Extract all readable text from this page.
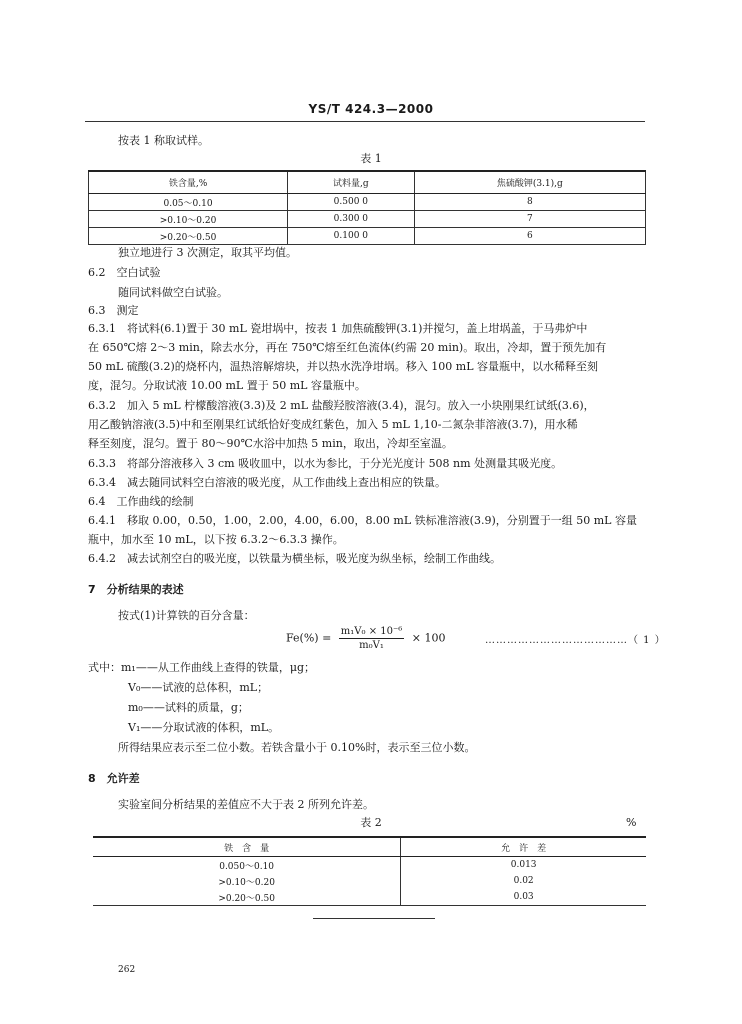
YS/T 424.3—2000
按表 1 称取试样。
表 1
铁含量,%	试料量,g	焦硫酸钾(3.1),g
0.05～0.10	0.500 0	8
>0.10～0.20	0.300 0	7
>0.20～0.50	0.100 0	6
独立地进行 3 次测定，取其平均值。
6.2　空白试验
随同试料做空白试验。
6.3　测定
6.3.1　将试料(6.1)置于 30 mL 瓷坩埚中，按表 1 加焦硫酸钾(3.1)并搅匀，盖上坩埚盖，于马弗炉中
在 650℃熔 2～3 min，除去水分，再在 750℃熔至红色流体(约需 20 min)。取出，冷却，置于预先加有
50 mL 硫酸(3.2)的烧杯内，温热溶解熔块，并以热水洗净坩埚。移入 100 mL 容量瓶中，以水稀释至刻
度，混匀。分取试液 10.00 mL 置于 50 mL 容量瓶中。
6.3.2　加入 5 mL 柠檬酸溶液(3.3)及 2 mL 盐酸羟胺溶液(3.4)，混匀。放入一小块刚果红试纸(3.6)，
用乙酸钠溶液(3.5)中和至刚果红试纸恰好变成红紫色，加入 5 mL 1,10-二氮杂菲溶液(3.7)，用水稀
释至刻度，混匀。置于 80～90℃水浴中加热 5 min，取出，冷却至室温。
6.3.3　将部分溶液移入 3 cm 吸收皿中，以水为参比，于分光光度计 508 nm 处测量其吸光度。
6.3.4　减去随同试料空白溶液的吸光度，从工作曲线上查出相应的铁量。
6.4　工作曲线的绘制
6.4.1　移取 0.00，0.50，1.00，2.00，4.00，6.00，8.00 mL 铁标准溶液(3.9)，分别置于一组 50 mL 容量
瓶中，加水至 10 mL，以下按 6.3.2～6.3.3 操作。
6.4.2　减去试剂空白的吸光度，以铁量为横坐标，吸光度为纵坐标，绘制工作曲线。
7　分析结果的表述
按式(1)计算铁的百分含量：
$Fe(\%) = \frac{\text{m₁V₀ × 10⁻⁶}}{\text{m₀V₁}} \times 100$	…………………………………（ 1 ）
式中：m₁——从工作曲线上查得的铁量，μg；
V₀——试液的总体积，mL；
m₀——试料的质量，g；
V₁——分取试液的体积，mL。
所得结果应表示至二位小数。若铁含量小于 0.10%时，表示至三位小数。
8　允许差
实验室间分析结果的差值应不大于表 2 所列允许差。
表 2	%
铁　含　量	允　许　差
0.050～0.10	0.013
>0.10～0.20	0.02
>0.20～0.50	0.03
262
